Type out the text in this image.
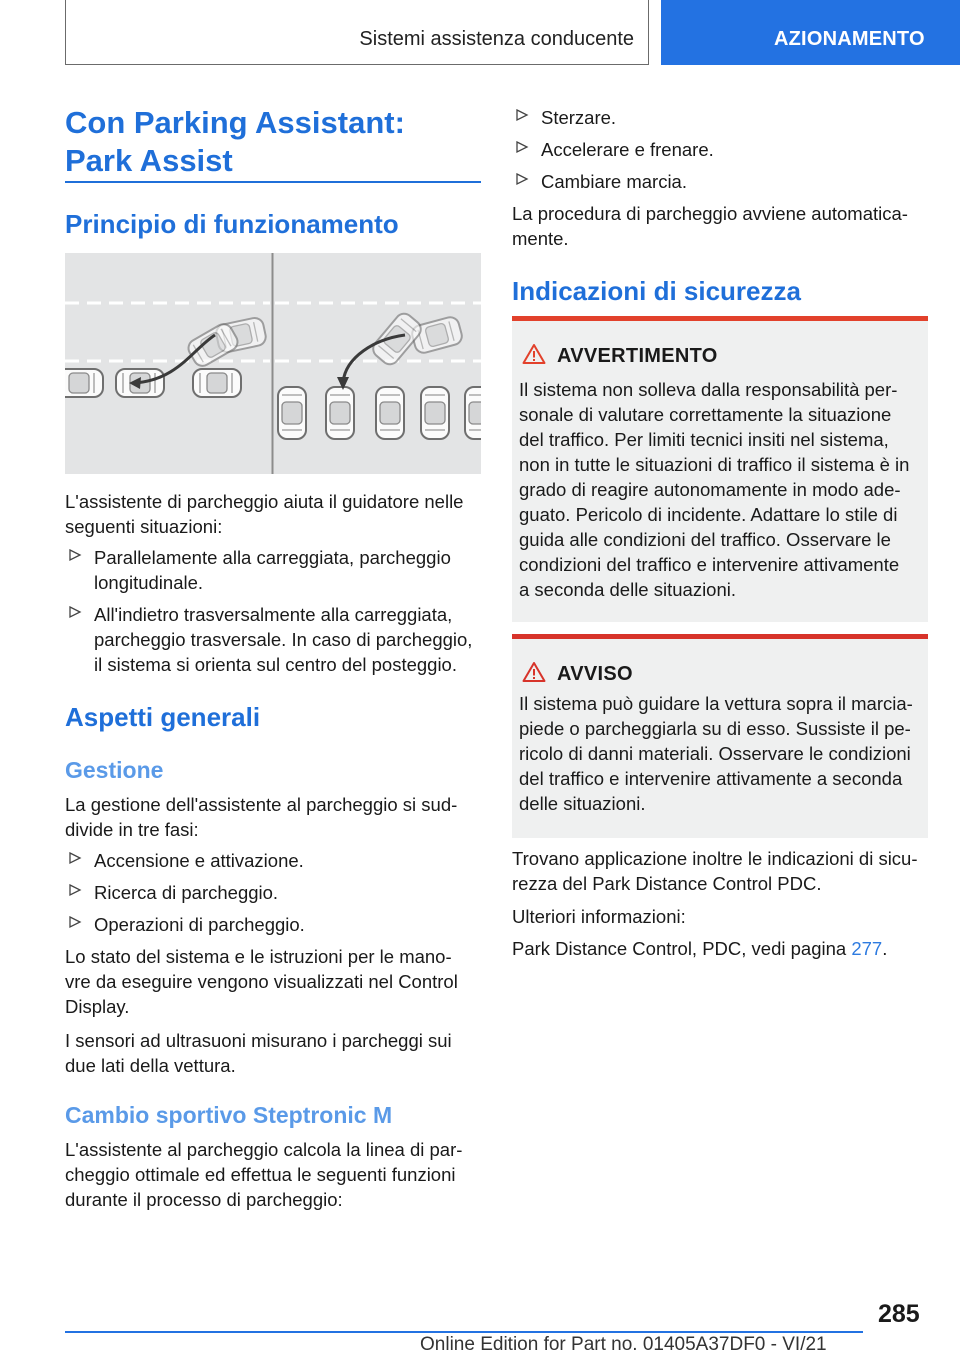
Sistemi assistenza conducente	AZIONAMENTO
Con Parking Assistant:
Park Assist
Principio di funzionamento
L'assistente di parcheggio aiuta il guidatore nelle
seguenti situazioni:
Parallelamente alla carreggiata, parcheggio
longitudinale.
All'indietro trasversalmente alla carreggiata,
parcheggio trasversale. In caso di parcheggio,
il sistema si orienta sul centro del posteggio.
Aspetti generali
Gestione
La gestione dell'assistente al parcheggio si sud-
divide in tre fasi:
Accensione e attivazione.
Ricerca di parcheggio.
Operazioni di parcheggio.
Lo stato del sistema e le istruzioni per le mano-
vre da eseguire vengono visualizzati nel Control
Display.
I sensori ad ultrasuoni misurano i parcheggi sui
due lati della vettura.
Cambio sportivo Steptronic M
L'assistente al parcheggio calcola la linea di par-
cheggio ottimale ed effettua le seguenti funzioni
durante il processo di parcheggio:
Sterzare.
Accelerare e frenare.
Cambiare marcia.
La procedura di parcheggio avviene automatica-
mente.
Indicazioni di sicurezza
AVVERTIMENTO
Il sistema non solleva dalla responsabilità per-
sonale di valutare correttamente la situazione
del traffico. Per limiti tecnici insiti nel sistema,
non in tutte le situazioni di traffico il sistema è in
grado di reagire autonomamente in modo ade-
guato. Pericolo di incidente. Adattare lo stile di
guida alle condizioni del traffico. Osservare le
condizioni del traffico e intervenire attivamente
a seconda delle situazioni.
AVVISO
Il sistema può guidare la vettura sopra il marcia-
piede o parcheggiarla su di esso. Sussiste il pe-
ricolo di danni materiali. Osservare le condizioni
del traffico e intervenire attivamente a seconda
delle situazioni.
Trovano applicazione inoltre le indicazioni di sicu-
rezza del Park Distance Control PDC.
Ulteriori informazioni:
Park Distance Control, PDC, vedi pagina 277.
285
Online Edition for Part no. 01405A37DF0 - VI/21
